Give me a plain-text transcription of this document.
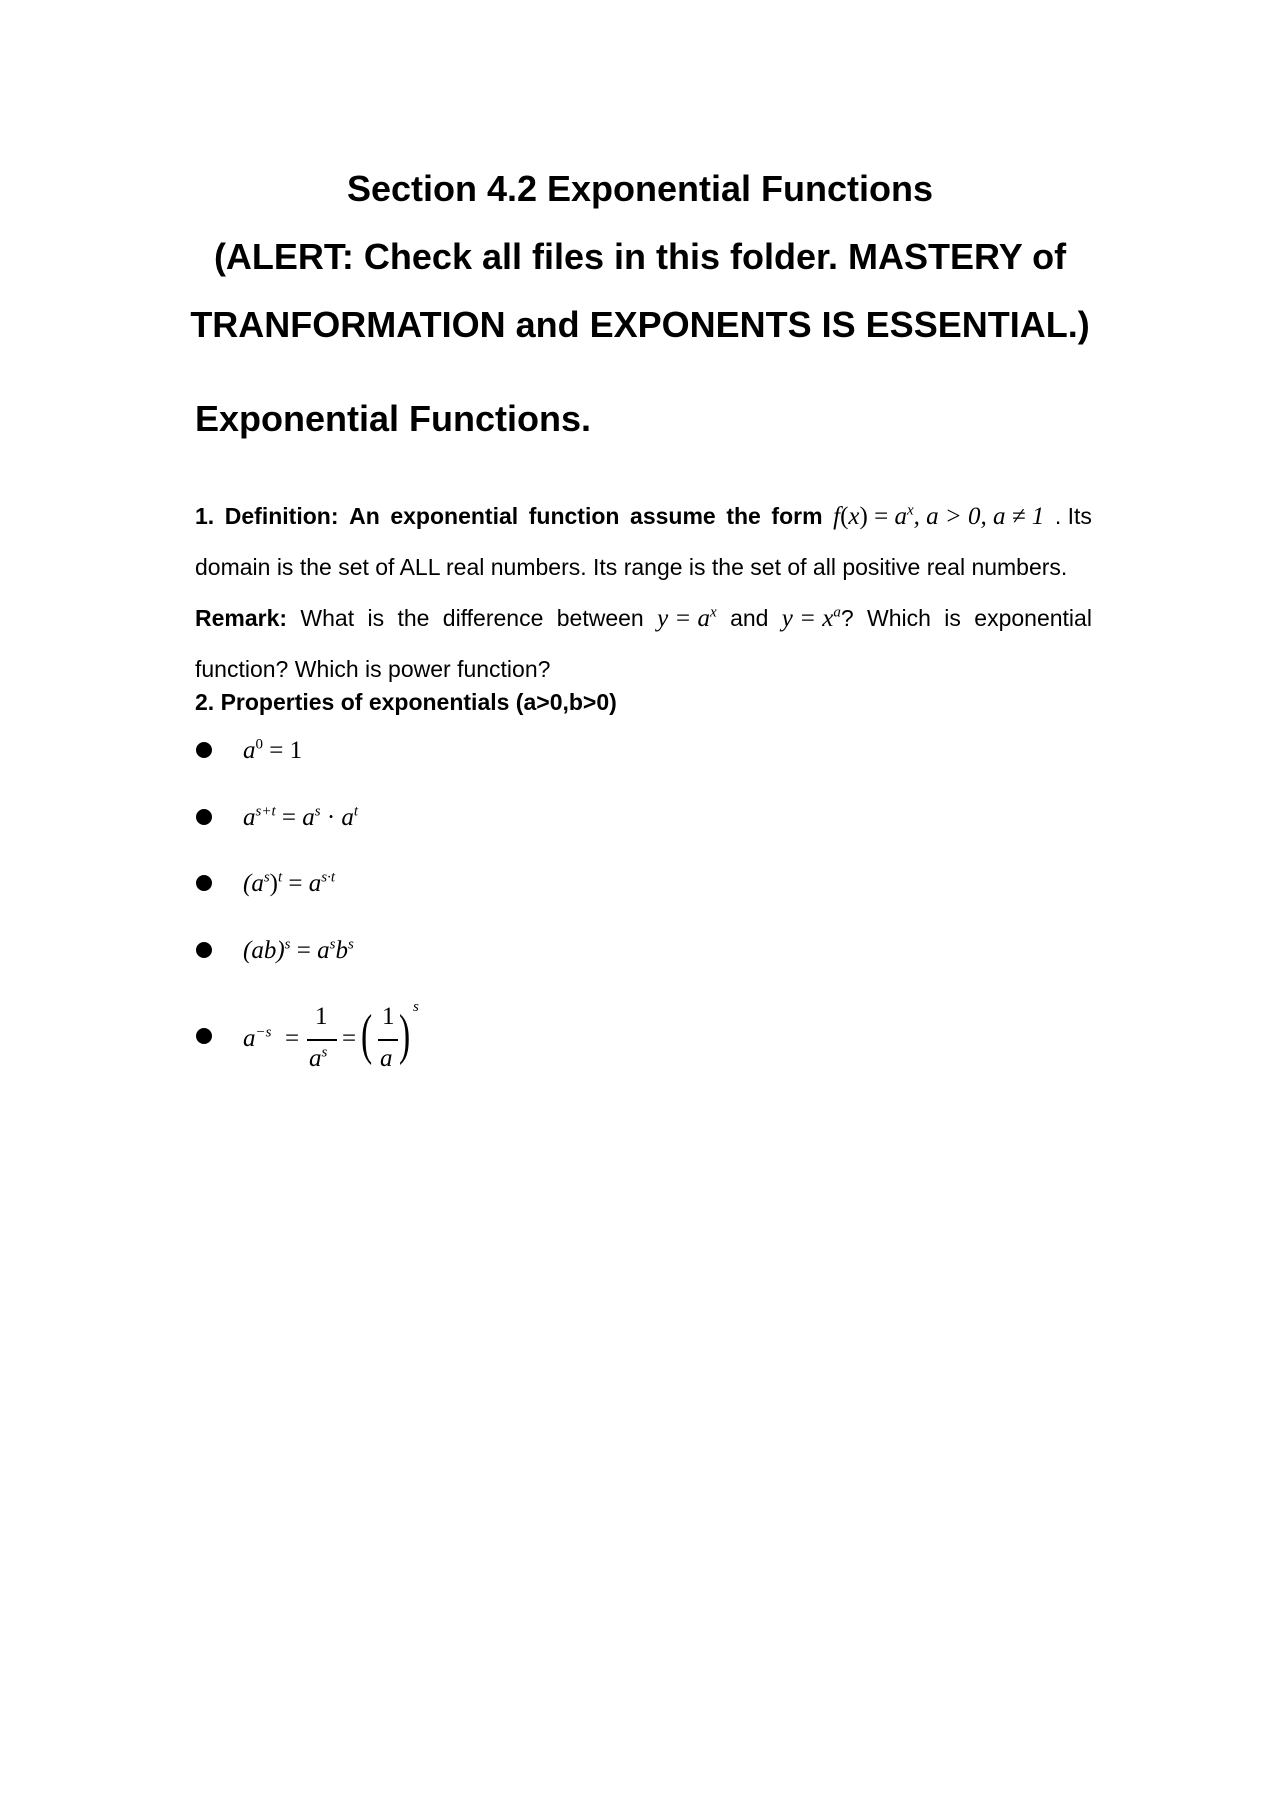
Section 4.2 Exponential Functions
(ALERT: Check all files in this folder. MASTERY of
TRANFORMATION and EXPONENTS IS ESSENTIAL.)
Exponential Functions.
1. Definition: An exponential function assume the form $f(x) = a^x$, a > 0, a ≠ 1 . Its
domain is the set of ALL real numbers. Its range is the set of all positive real numbers.
Remark: What is the difference between $y = a^x$ and $y = x^a$? Which is exponential
function? Which is power function?
2. Properties of exponentials (a>0,b>0)
$a^0 = 1$
$a^{s+t} = a^s \cdot a^t$
$(a^s)^t = a^{s\cdot t}$
$(ab)^s = a^sb^s$
$a^{-s}$ =
1
$a^s$
= ( 1
a ) s
